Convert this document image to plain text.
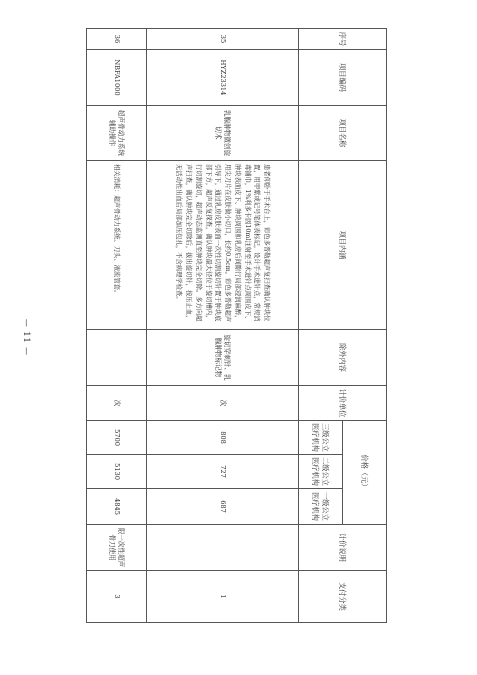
序号	项目编码	项目名称	项目内涵	除外内容	计价单位	价格（元）			计价说明	支付分类
						三级公立医疗机构	二级公立医疗机构	一级公立医疗机构		
35	HYZ23314	乳腺肿物微创旋切术	患者仰卧于手术台上，彩色多普勒超声复扫查确认肿块位置，用甲紫或记号笔体表标记，设计手术进针点，常规消毒铺巾，1%利多卡因10ml注射至手术进针点周围皮下、肿块表面皮下、肿块周围和乳房后间隙行局部浸润麻醉，用尖刀片在皮肤做小切口，长约0.5cm。彩色多普勒超声引导下，通过乳房皮肤表面一次性切割旋切针置于肿块底部下方，超声反复探查，确认肿块最大径位于旋切槽内，行切割旋切，超声动态监测直至肿块完全切除。多方向超声扫查，确认肿块完全切除后，拔出旋切针，按压止血，无活动性出血后局部加压包扎，不含病理学检查。	旋切穿刺针、乳腺肿物标记物	次	808	727	687		1
36	NBFA1000	超声骨动力系统辅助操作	相关消耗：超声骨动力系统、刀头、液流管套。		次	5700	5130	4845	限一次性超声骨刀使用	3
— 11 —
